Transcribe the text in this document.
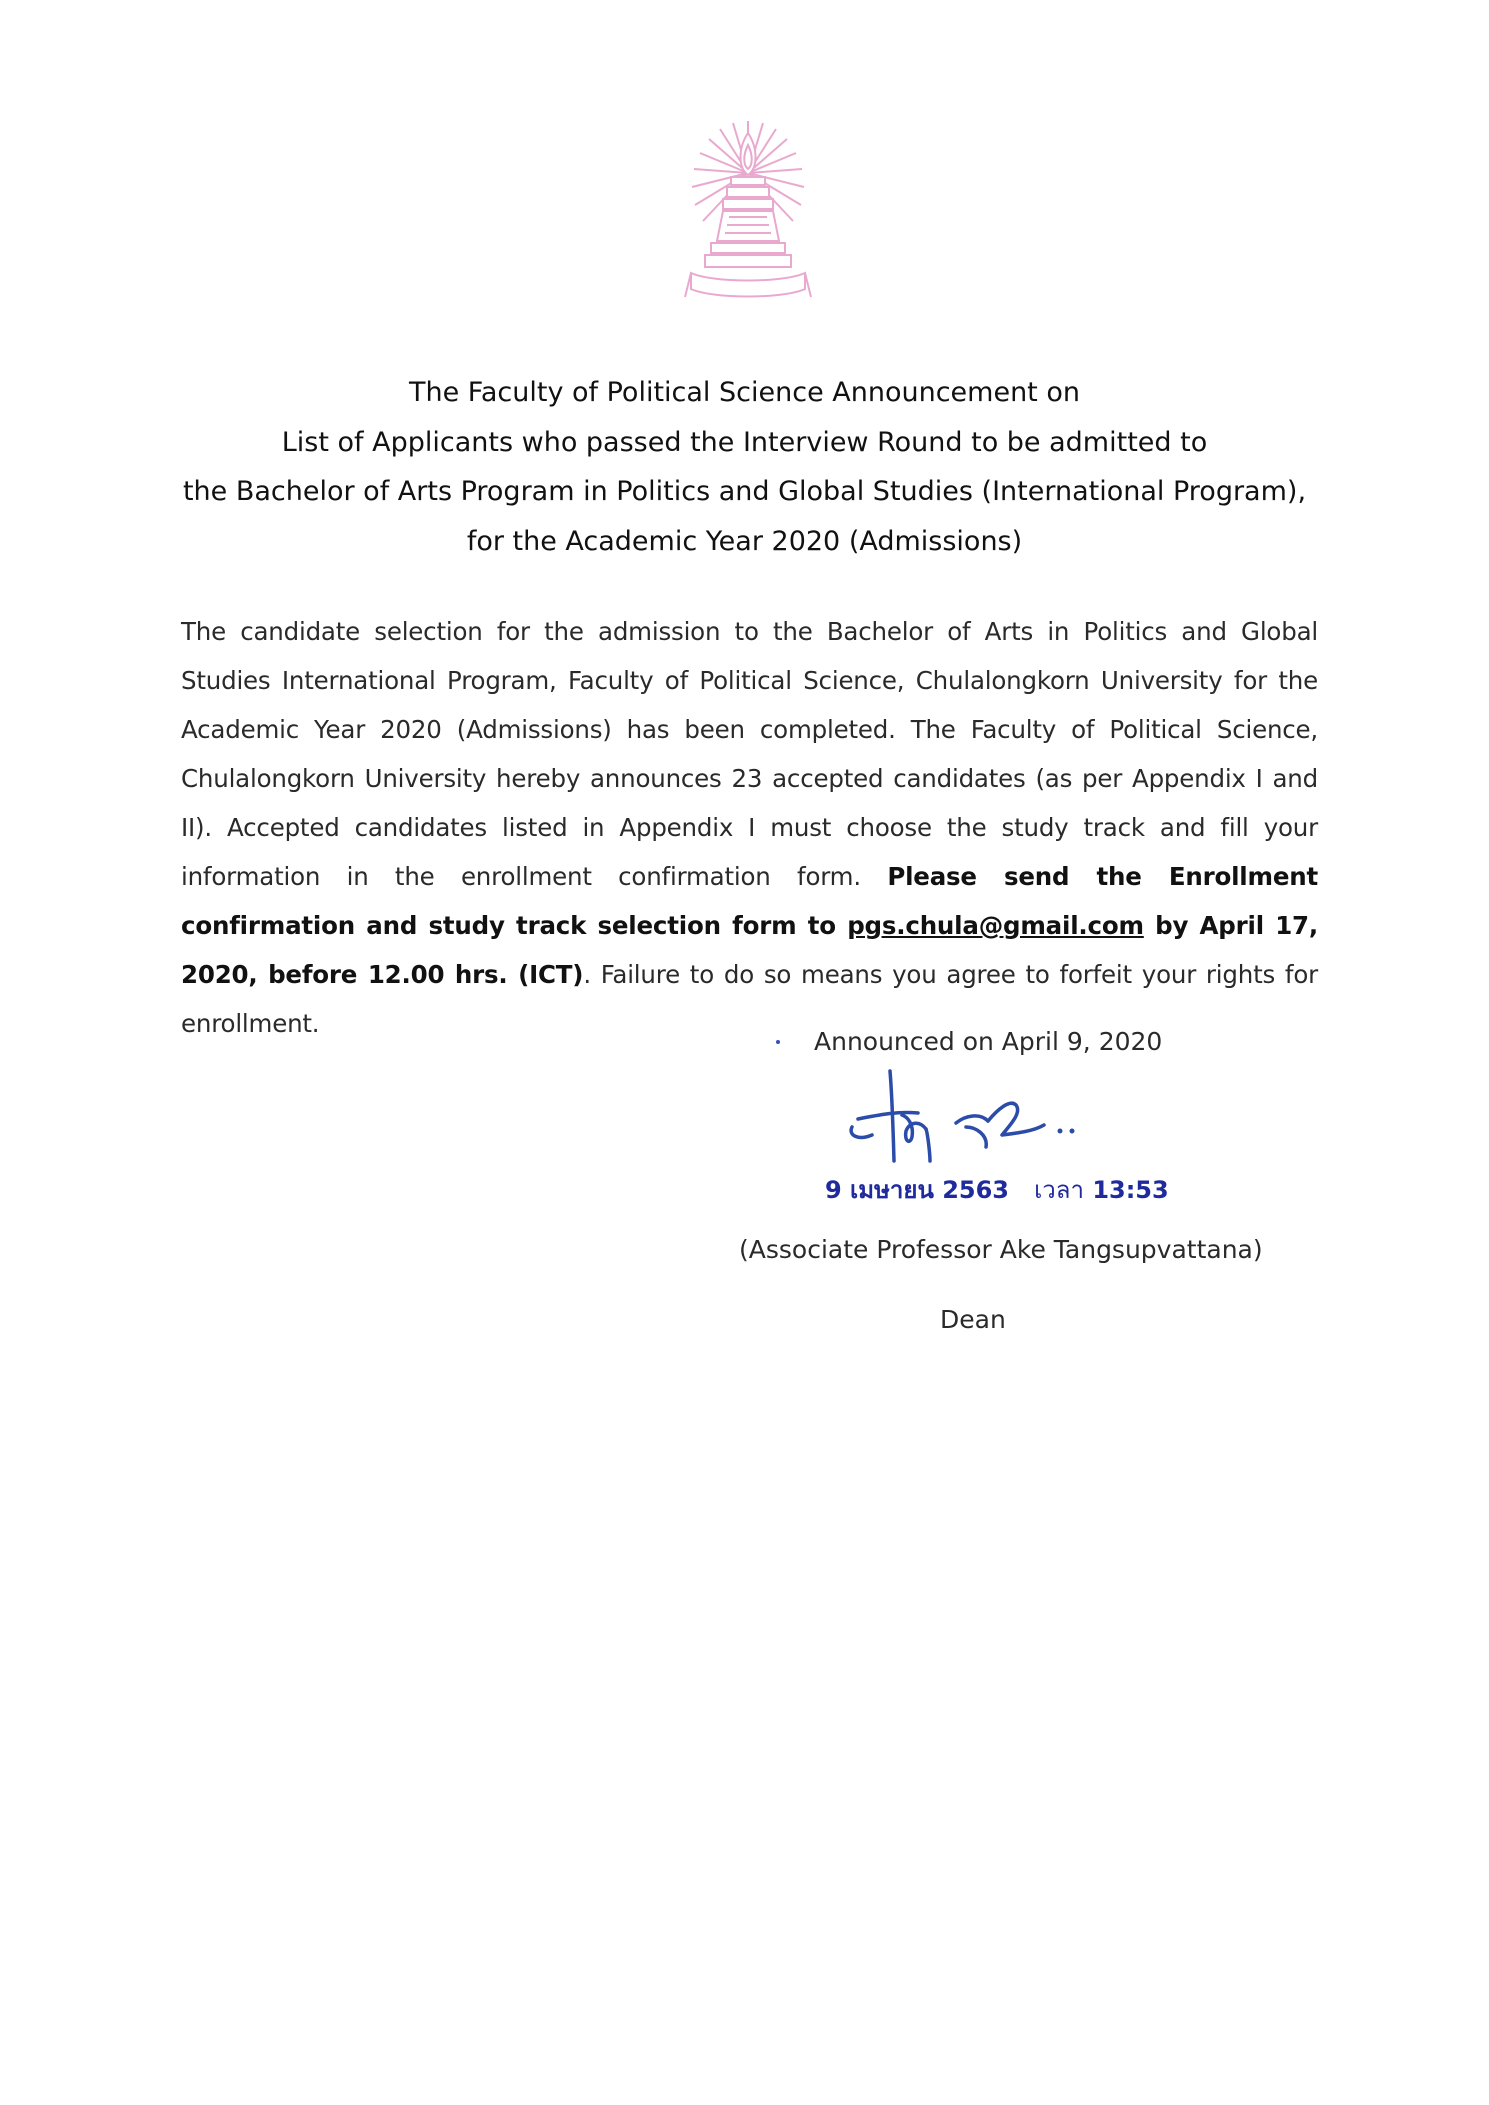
The Faculty of Political Science Announcement on
List of Applicants who passed the Interview Round to be admitted to
the Bachelor of Arts Program in Politics and Global Studies (International Program),
for the Academic Year 2020 (Admissions)
The candidate selection for the admission to the Bachelor of Arts in Politics and Global Studies International Program, Faculty of Political Science, Chulalongkorn University for the Academic Year 2020 (Admissions) has been completed. The Faculty of Political Science, Chulalongkorn University hereby announces 23 accepted candidates (as per Appendix I and II). Accepted candidates listed in Appendix I must choose the study track and fill your information in the enrollment confirmation form. Please send the Enrollment confirmation and study track selection form to pgs.chula@gmail.com by April 17, 2020, before 12.00 hrs. (ICT). Failure to do so means you agree to forfeit your rights for enrollment.
Announced on April 9, 2020
9 เมษายน 2563 เวลา 13:53
(Associate Professor Ake Tangsupvattana)
Dean
